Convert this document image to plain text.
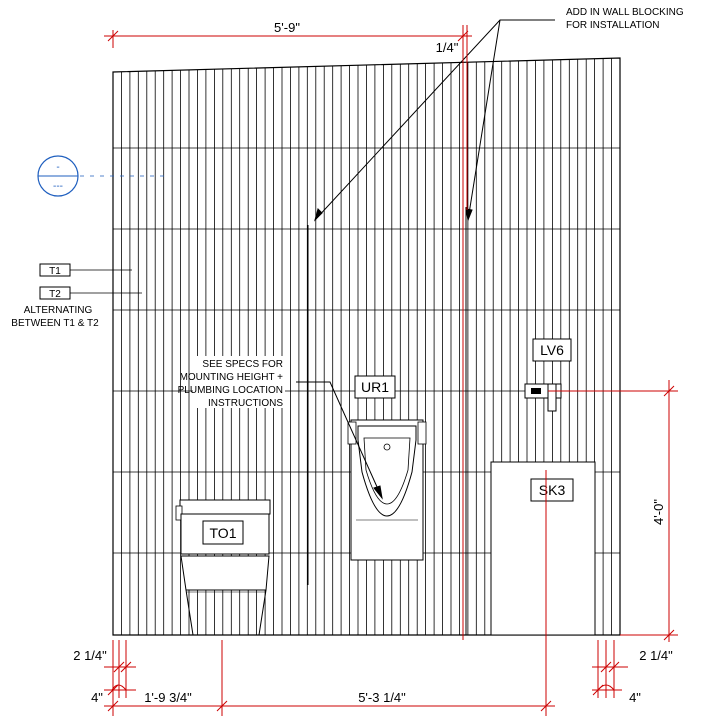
TO1
UR1
LV6
SK3
ADD IN WALL BLOCKING
FOR INSTALLATION
SEE SPECS FOR
MOUNTING HEIGHT +
PLUMBING LOCATION
INSTRUCTIONS
T1
T2
ALTERNATING
BETWEEN T1 & T2
-
---
5'-9"
1/4"
4'-0"
2 1/4"
4"	1'-9 3/4"	5'-3 1/4"
2 1/4"
4"
